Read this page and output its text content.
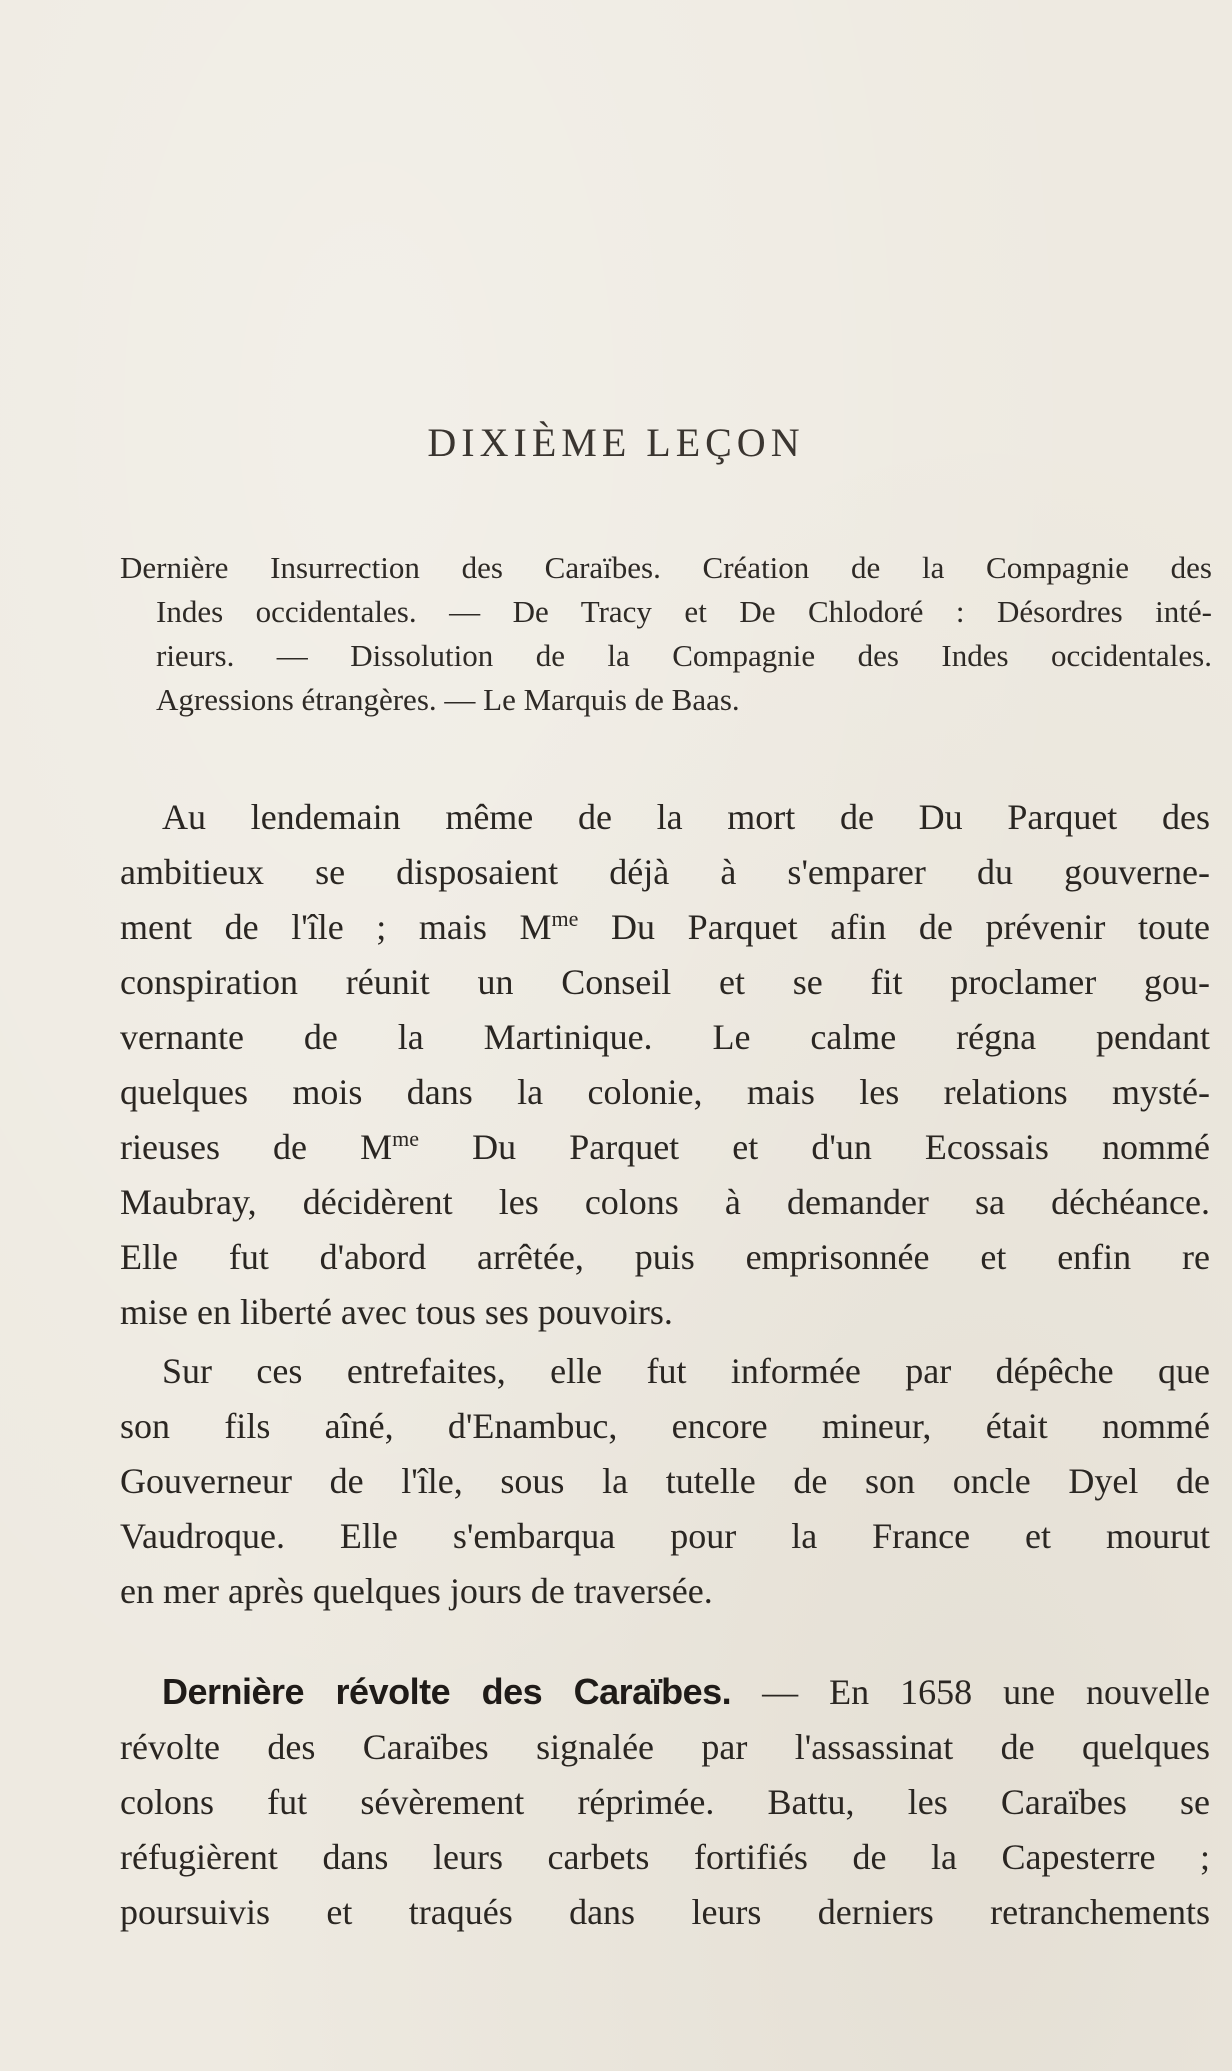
DIXIÈME LEÇON
Dernière Insurrection des Caraïbes. Création de la Compagnie des
Indes occidentales. — De Tracy et De Chlodoré : Désordres inté-
rieurs. — Dissolution de la Compagnie des Indes occidentales.
Agressions étrangères. — Le Marquis de Baas.
Au lendemain même de la mort de Du Parquet des
ambitieux se disposaient déjà à s'emparer du gouverne-
ment de l'île ; mais $M^{me}$ Du Parquet afin de prévenir toute
conspiration réunit un Conseil et se fit proclamer gou-
vernante de la Martinique. Le calme régna pendant
quelques mois dans la colonie, mais les relations mysté-
rieuses de $M^{me}$ Du Parquet et d'un Ecossais nommé
Maubray, décidèrent les colons à demander sa déchéance.
Elle fut d'abord arrêtée, puis emprisonnée et enfin re
mise en liberté avec tous ses pouvoirs.
Sur ces entrefaites, elle fut informée par dépêche que
son fils aîné, d'Enambuc, encore mineur, était nommé
Gouverneur de l'île, sous la tutelle de son oncle Dyel de
Vaudroque. Elle s'embarqua pour la France et mourut
en mer après quelques jours de traversée.
Dernière révolte des Caraïbes. — En 1658 une nouvelle
révolte des Caraïbes signalée par l'assassinat de quelques
colons fut sévèrement réprimée. Battu, les Caraïbes se
réfugièrent dans leurs carbets fortifiés de la Capesterre ;
poursuivis et traqués dans leurs derniers retranchements
